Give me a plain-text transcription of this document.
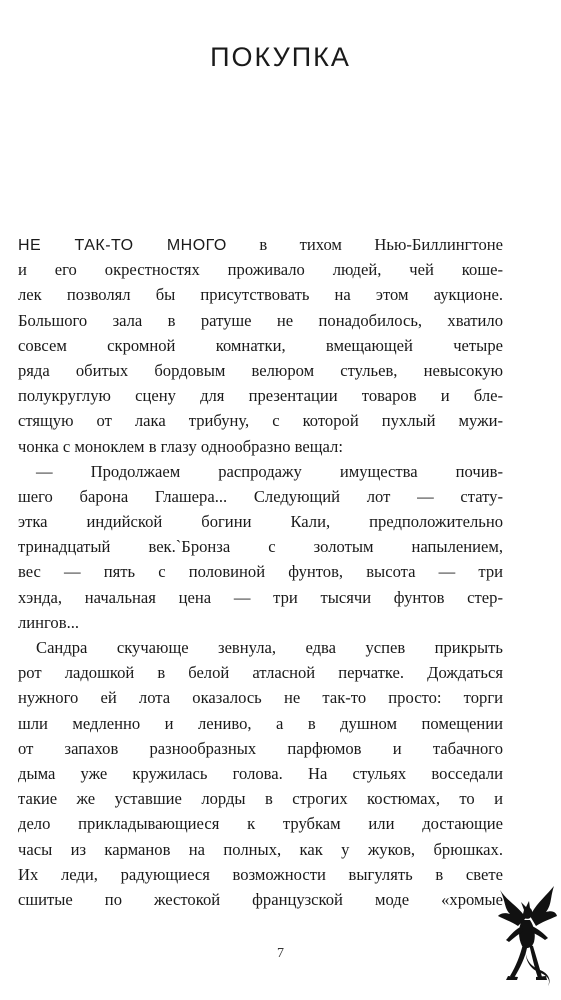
ПОКУПКА
НЕ ТАК-ТО МНОГО в тихом Нью-Биллингтоне
и его окрестностях проживало людей, чей коше-
лек позволял бы присутствовать на этом аукционе.
Большого зала в ратуше не понадобилось, хватило
совсем скромной комнатки, вмещающей четыре
ряда обитых бордовым велюром стульев, невысокую
полукруглую сцену для презентации товаров и бле-
стящую от лака трибуну, с которой пухлый мужи-
чонка с моноклем в глазу однообразно вещал:
— Продолжаем распродажу имущества почив-
шего барона Глашера... Следующий лот — стату-
этка индийской богини Кали, предположительно
тринадцатый век.`Бронза с золотым напылением,
вес — пять с половиной фунтов, высота — три
хэнда, начальная цена — три тысячи фунтов стер-
лингов...
Сандра скучающе зевнула, едва успев прикрыть
рот ладошкой в белой атласной перчатке. Дождаться
нужного ей лота оказалось не так-то просто: торги
шли медленно и лениво, а в душном помещении
от запахов разнообразных парфюмов и табачного
дыма уже кружилась голова. На стульях восседали
такие же уставшие лорды в строгих костюмах, то и
дело прикладывающиеся к трубкам или достающие
часы из карманов на полных, как у жуков, брюшках.
Их леди, радующиеся возможности выгулять в свете
сшитые по жестокой французской моде «хромые
7
